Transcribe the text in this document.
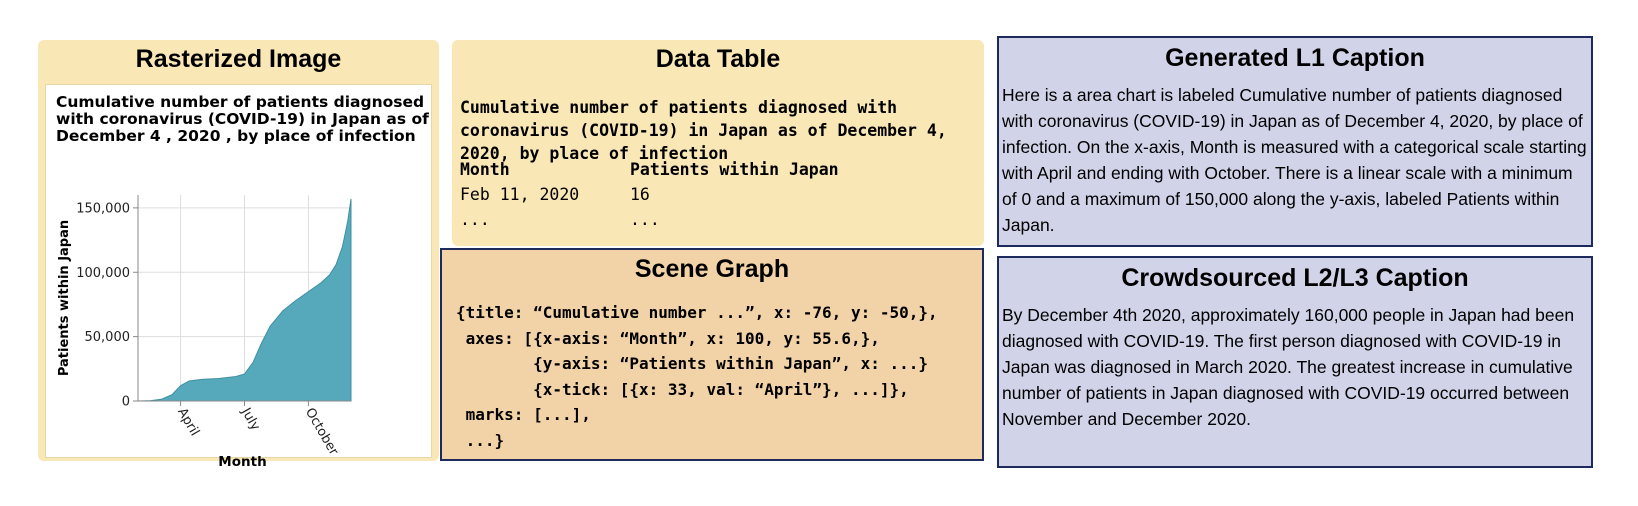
Rasterized Image
Cumulative number of patients diagnosed
with coronavirus (COVID-19) in Japan as of
December 4 , 2020 , by place of infection
0
50,000
100,000
150,000
April	July	October
Month
Patients within Japan
Data Table

Cumulative number of patients diagnosed with coronavirus (COVID-19) in Japan as of December 4, 2020, by place of infection

Month	Patients within Japan
Feb 11, 2020	16
...	...
Scene Graph
{title: “Cumulative number ...”, x: -76, y: -50,},
axes: [{x-axis: “Month”, x: 100, y: 55.6,},
{y-axis: “Patients within Japan”, x: ...}
{x-tick: [{x: 33, val: “April”}, ...]},
marks: [...],
...}
Generated L1 Caption

Here is a area chart is labeled Cumulative number of patients diagnosed with coronavirus (COVID-19) in Japan as of December 4, 2020, by place of infection. On the x-axis, Month is measured with a categorical scale starting with April and ending with October. There is a linear scale with a minimum of 0 and a maximum of 150,000 along the y-axis, labeled Patients within Japan.

Crowdsourced L2/L3 Caption

By December 4th 2020, approximately 160,000 people in Japan had been diagnosed with COVID-19. The first person diagnosed with COVID-19 in Japan was diagnosed in March 2020. The greatest increase in cumulative number of patients in Japan diagnosed with COVID-19 occurred between November and December 2020.
